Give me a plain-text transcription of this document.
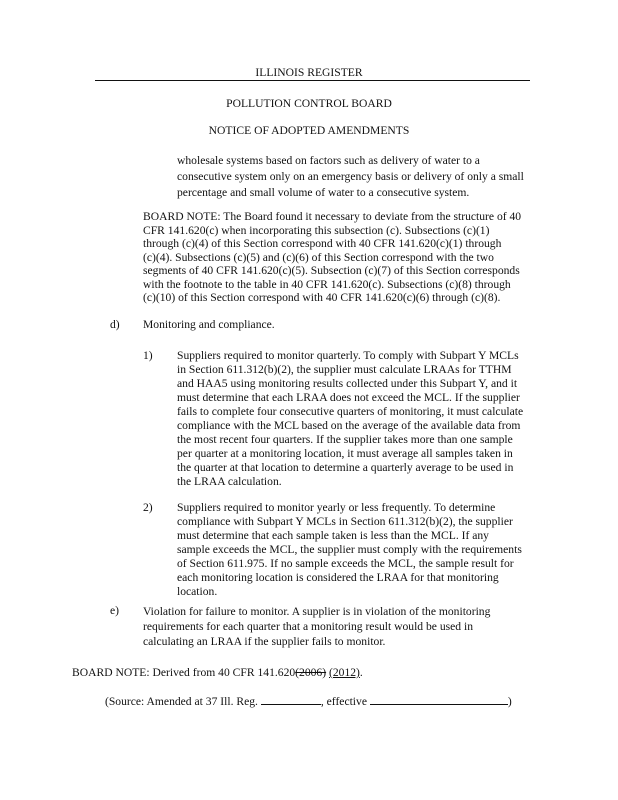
ILLINOIS REGISTER
POLLUTION CONTROL BOARD
NOTICE OF ADOPTED AMENDMENTS
wholesale systems based on factors such as delivery of water to a
consecutive system only on an emergency basis or delivery of only a small
percentage and small volume of water to a consecutive system.
BOARD NOTE: The Board found it necessary to deviate from the structure of 40
CFR 141.620(c) when incorporating this subsection (c). Subsections (c)(1)
through (c)(4) of this Section correspond with 40 CFR 141.620(c)(1) through
(c)(4). Subsections (c)(5) and (c)(6) of this Section correspond with the two
segments of 40 CFR 141.620(c)(5). Subsection (c)(7) of this Section corresponds
with the footnote to the table in 40 CFR 141.620(c). Subsections (c)(8) through
(c)(10) of this Section correspond with 40 CFR 141.620(c)(6) through (c)(8).
d) Monitoring and compliance.
1) Suppliers required to monitor quarterly. To comply with Subpart Y MCLs
in Section 611.312(b)(2), the supplier must calculate LRAAs for TTHM
and HAA5 using monitoring results collected under this Subpart Y, and it
must determine that each LRAA does not exceed the MCL. If the supplier
fails to complete four consecutive quarters of monitoring, it must calculate
compliance with the MCL based on the average of the available data from
the most recent four quarters. If the supplier takes more than one sample
per quarter at a monitoring location, it must average all samples taken in
the quarter at that location to determine a quarterly average to be used in
the LRAA calculation.
2) Suppliers required to monitor yearly or less frequently. To determine
compliance with Subpart Y MCLs in Section 611.312(b)(2), the supplier
must determine that each sample taken is less than the MCL. If any
sample exceeds the MCL, the supplier must comply with the requirements
of Section 611.975. If no sample exceeds the MCL, the sample result for
each monitoring location is considered the LRAA for that monitoring
location.
e) Violation for failure to monitor. A supplier is in violation of the monitoring
requirements for each quarter that a monitoring result would be used in
calculating an LRAA if the supplier fails to monitor.
BOARD NOTE: Derived from 40 CFR 141.620(2006) (2012).
(Source: Amended at 37 Ill. Reg.	, effective	)
